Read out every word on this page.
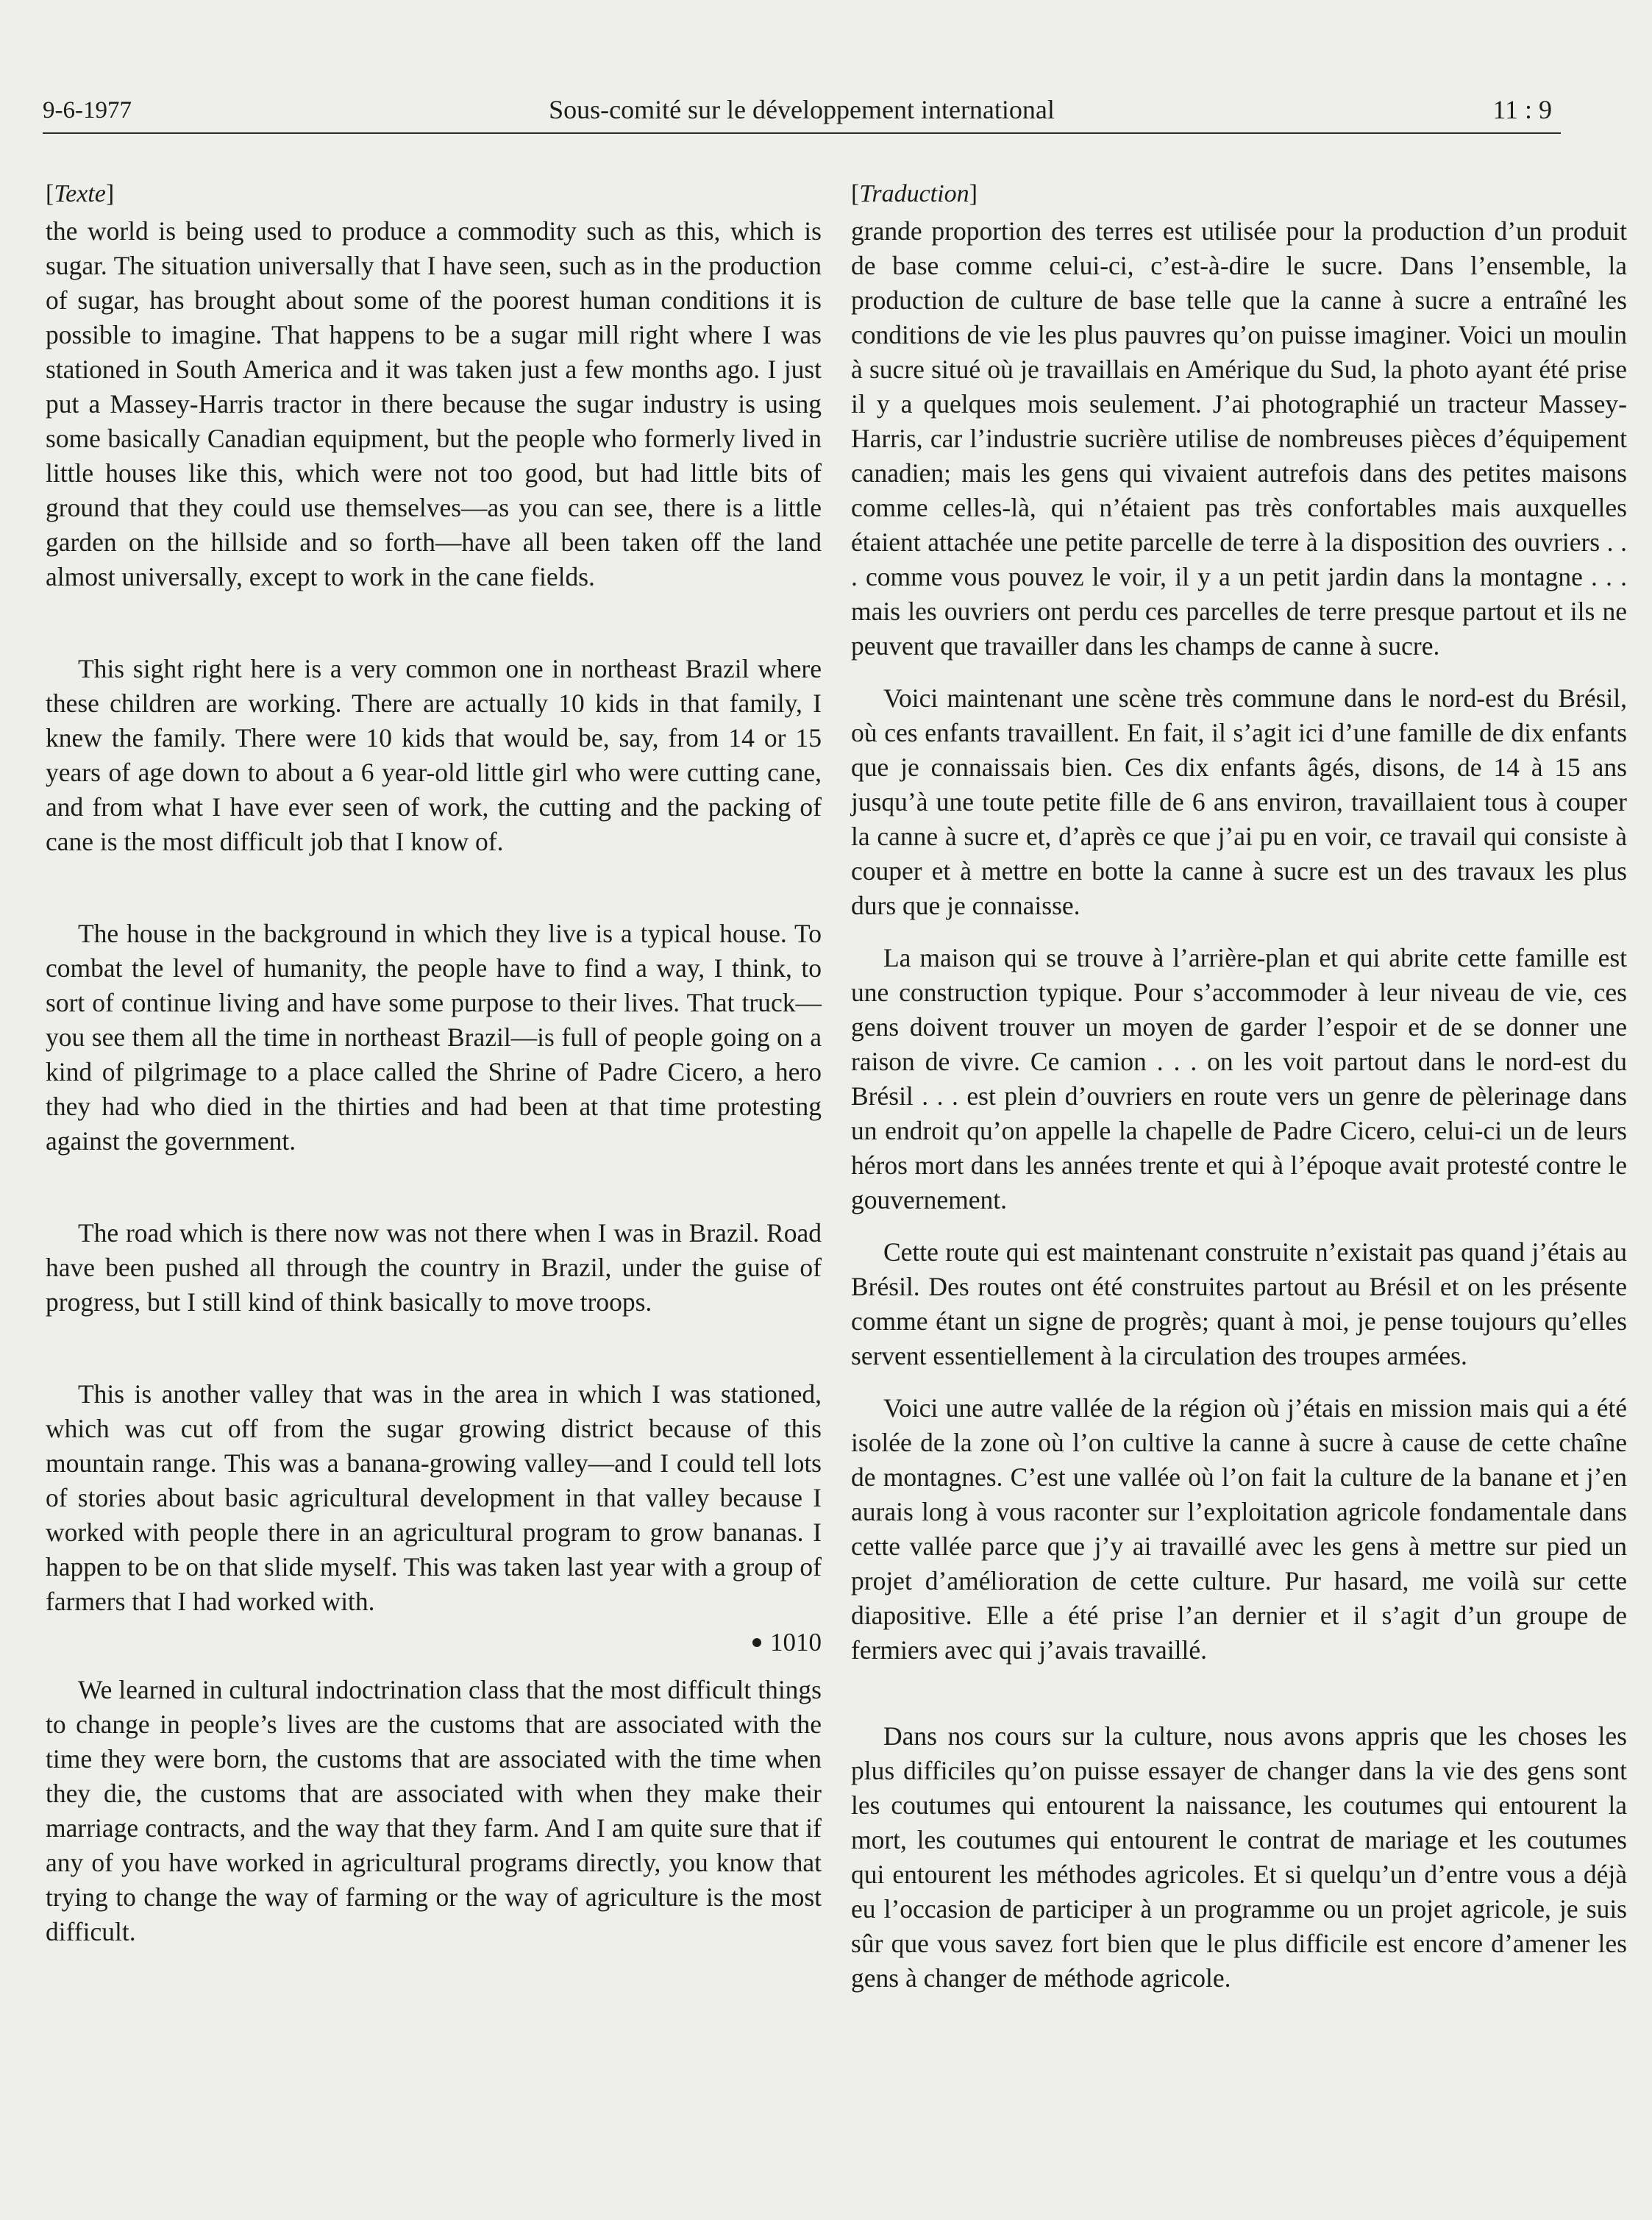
9-6-1977	Sous-comité sur le développement international	11 : 9
[Texte]

the world is being used to produce a commodity such as this, which is sugar. The situation universally that I have seen, such as in the production of sugar, has brought about some of the poorest human conditions it is possible to imagine. That happens to be a sugar mill right where I was stationed in South America and it was taken just a few months ago. I just put a Massey-Harris tractor in there because the sugar industry is using some basically Canadian equipment, but the people who formerly lived in little houses like this, which were not too good, but had little bits of ground that they could use themselves—as you can see, there is a little garden on the hillside and so forth—have all been taken off the land almost universally, except to work in the cane fields.

This sight right here is a very common one in northeast Brazil where these children are working. There are actually 10 kids in that family, I knew the family. There were 10 kids that would be, say, from 14 or 15 years of age down to about a 6 year-old little girl who were cutting cane, and from what I have ever seen of work, the cutting and the packing of cane is the most difficult job that I know of.

The house in the background in which they live is a typical house. To combat the level of humanity, the people have to find a way, I think, to sort of continue living and have some purpose to their lives. That truck—you see them all the time in northeast Brazil—is full of people going on a kind of pilgrimage to a place called the Shrine of Padre Cicero, a hero they had who died in the thirties and had been at that time protesting against the government.

The road which is there now was not there when I was in Brazil. Road have been pushed all through the country in Brazil, under the guise of progress, but I still kind of think basically to move troops.

This is another valley that was in the area in which I was stationed, which was cut off from the sugar growing district because of this mountain range. This was a banana-growing valley—and I could tell lots of stories about basic agricultural development in that valley because I worked with people there in an agricultural program to grow bananas. I happen to be on that slide myself. This was taken last year with a group of farmers that I had worked with.

1010

We learned in cultural indoctrination class that the most difficult things to change in people’s lives are the customs that are associated with the time they were born, the customs that are associated with the time when they die, the customs that are associated with when they make their marriage contracts, and the way that they farm. And I am quite sure that if any of you have worked in agricultural programs directly, you know that trying to change the way of farming or the way of agriculture is the most difficult.

[Traduction]

grande proportion des terres est utilisée pour la production d’un produit de base comme celui-ci, c’est-à-dire le sucre. Dans l’ensemble, la production de culture de base telle que la canne à sucre a entraîné les conditions de vie les plus pauvres qu’on puisse imaginer. Voici un moulin à sucre situé où je travaillais en Amérique du Sud, la photo ayant été prise il y a quelques mois seulement. J’ai photographié un tracteur Massey-Harris, car l’industrie sucrière utilise de nombreuses pièces d’équipement canadien; mais les gens qui vivaient autrefois dans des petites maisons comme celles-là, qui n’étaient pas très confortables mais auxquelles étaient attachée une petite parcelle de terre à la disposition des ouvriers . . . comme vous pouvez le voir, il y a un petit jardin dans la montagne . . . mais les ouvriers ont perdu ces parcelles de terre presque partout et ils ne peuvent que travailler dans les champs de canne à sucre.

Voici maintenant une scène très commune dans le nord-est du Brésil, où ces enfants travaillent. En fait, il s’agit ici d’une famille de dix enfants que je connaissais bien. Ces dix enfants âgés, disons, de 14 à 15 ans jusqu’à une toute petite fille de 6 ans environ, travaillaient tous à couper la canne à sucre et, d’après ce que j’ai pu en voir, ce travail qui consiste à couper et à mettre en botte la canne à sucre est un des travaux les plus durs que je connaisse.

La maison qui se trouve à l’arrière-plan et qui abrite cette famille est une construction typique. Pour s’accommoder à leur niveau de vie, ces gens doivent trouver un moyen de garder l’espoir et de se donner une raison de vivre. Ce camion . . . on les voit partout dans le nord-est du Brésil . . . est plein d’ouvriers en route vers un genre de pèlerinage dans un endroit qu’on appelle la chapelle de Padre Cicero, celui-ci un de leurs héros mort dans les années trente et qui à l’époque avait protesté contre le gouvernement.

Cette route qui est maintenant construite n’existait pas quand j’étais au Brésil. Des routes ont été construites partout au Brésil et on les présente comme étant un signe de progrès; quant à moi, je pense toujours qu’elles servent essentiellement à la circulation des troupes armées.

Voici une autre vallée de la région où j’étais en mission mais qui a été isolée de la zone où l’on cultive la canne à sucre à cause de cette chaîne de montagnes. C’est une vallée où l’on fait la culture de la banane et j’en aurais long à vous raconter sur l’exploitation agricole fondamentale dans cette vallée parce que j’y ai travaillé avec les gens à mettre sur pied un projet d’amélioration de cette culture. Pur hasard, me voilà sur cette diapositive. Elle a été prise l’an dernier et il s’agit d’un groupe de fermiers avec qui j’avais travaillé.

Dans nos cours sur la culture, nous avons appris que les choses les plus difficiles qu’on puisse essayer de changer dans la vie des gens sont les coutumes qui entourent la naissance, les coutumes qui entourent la mort, les coutumes qui entourent le contrat de mariage et les coutumes qui entourent les méthodes agricoles. Et si quelqu’un d’entre vous a déjà eu l’occasion de participer à un programme ou un projet agricole, je suis sûr que vous savez fort bien que le plus difficile est encore d’amener les gens à changer de méthode agricole.
